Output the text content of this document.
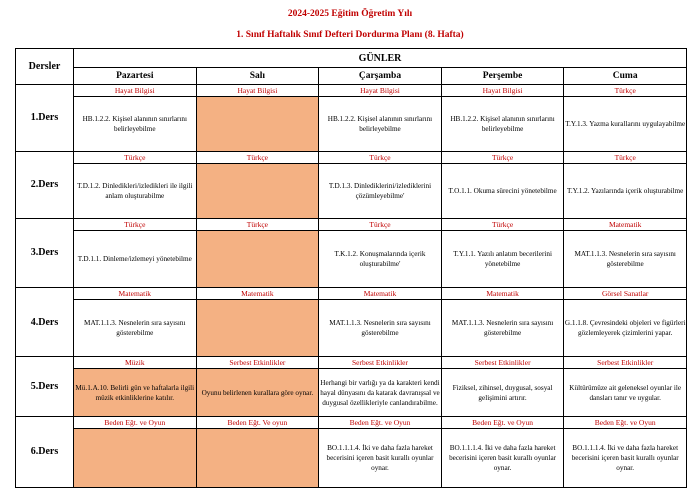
2024-2025 Eğitim Öğretim Yılı
1. Sınıf Haftalık Sınıf Defteri Dordurma Planı (8. Hafta)
Dersler	GÜNLER				
	Pazartesi	Salı	Çarşamba	Perşembe	Cuma
1.Ders	Hayat Bilgisi	Hayat Bilgisi	Hayat Bilgisi	Hayat Bilgisi	Türkçe
	HB.1.2.2. Kişisel alanının sınırlarını belirleyebilme		HB.1.2.2. Kişisel alanının sınırlarını belirleyebilme	HB.1.2.2. Kişisel alanının sınırlarını belirleyebilme	T.Y.1.3. Yazma kurallarını uygulayabilme
2.Ders	Türkçe	Türkçe	Türkçe	Türkçe	Türkçe
	T.D.1.2. Dinledikleri/izledikleri ile ilgili anlam oluşturabilme		T.D.1.3. Dinlediklerini/izlediklerini çözümleyebilme'	T.O.1.1. Okuma sürecini yönetebilme	T.Y.1.2. Yazılarında içerik oluşturabilme
3.Ders	Türkçe	Türkçe	Türkçe	Türkçe	Matematik
	T.D.1.1. Dinleme/izlemeyi yönetebilme		T.K.1.2. Konuşmalarında içerik oluşturabilme'	T.Y.1.1. Yazılı anlatım becerilerini yönetebilme	MAT.1.1.3. Nesnelerin sıra sayısını gösterebilme
4.Ders	Matematik	Matematik	Matematik	Matematik	Görsel Sanatlar
	MAT.1.1.3. Nesnelerin sıra sayısını gösterebilme		MAT.1.1.3. Nesnelerin sıra sayısını gösterebilme	MAT.1.1.3. Nesnelerin sıra sayısını gösterebilme	G.1.1.8. Çevresindeki objeleri ve figürleri gözlemleyerek çizimlerini yapar.
5.Ders	Müzik	Serbest Etkinlikler	Serbest Etkinlikler	Serbest Etkinlikler	Serbest Etkinlikler
	Mü.1.A.10. Belirli gün ve haftalarla ilgili müzik etkinliklerine katılır.	Oyunu belirlenen kurallara göre oynar.	Herhangi bir varlığı ya da karakteri kendi hayal dünyasını da katarak davranışsal ve duygusal özellikleriyle canlandırabilme.	Fiziksel, zihinsel, duygusal, sosyal gelişimini artırır.	Kültürümüze ait geleneksel oyunlar ile dansları tanır ve uygular.
6.Ders	Beden Eğt. ve Oyun	Beden Eğt. Ve oyun	Beden Eğt. ve Oyun	Beden Eğt. ve Oyun	Beden Eğt. ve Oyun
			BO.1.1.1.4. İki ve daha fazla hareket becerisini içeren basit kurallı oyunlar oynar.	BO.1.1.1.4. İki ve daha fazla hareket becerisini içeren basit kurallı oyunlar oynar.	BO.1.1.1.4. İki ve daha fazla hareket becerisini içeren basit kurallı oyunlar oynar.
